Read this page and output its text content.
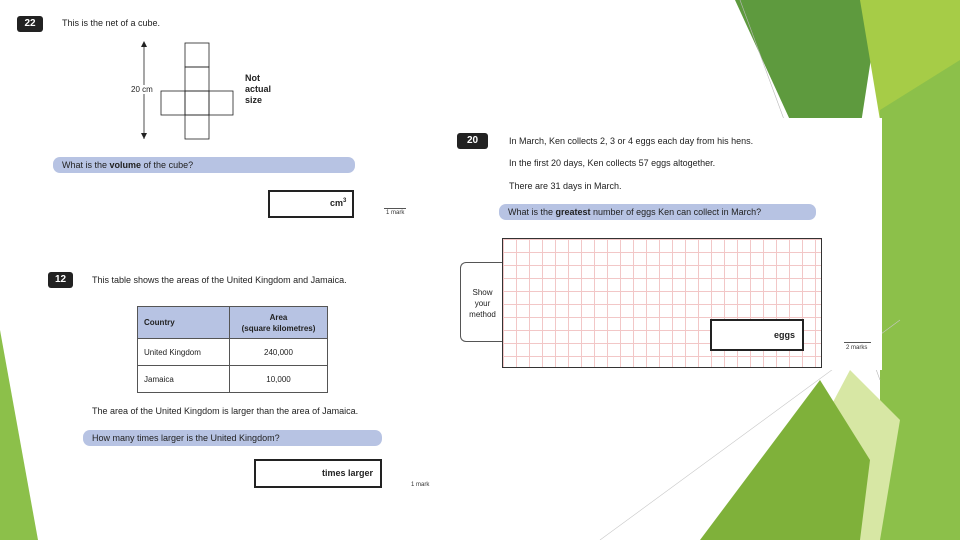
22	This is the net of a cube.
20 cm
Not
actual
size
What is the volume of the cube?
$cm^3$
1 mark
12	This table shows the areas of the United Kingdom and Jamaica.
Country	Area
(square kilometres)
United Kingdom	240,000
Jamaica	10,000
The area of the United Kingdom is larger than the area of Jamaica.
How many times larger is the United Kingdom?
times larger
1 mark
20	In March, Ken collects 2, 3 or 4 eggs each day from his hens.
In the first 20 days, Ken collects 57 eggs altogether.
There are 31 days in March.
What is the greatest number of eggs Ken can collect in March?
Show
your
method
eggs
2 marks
